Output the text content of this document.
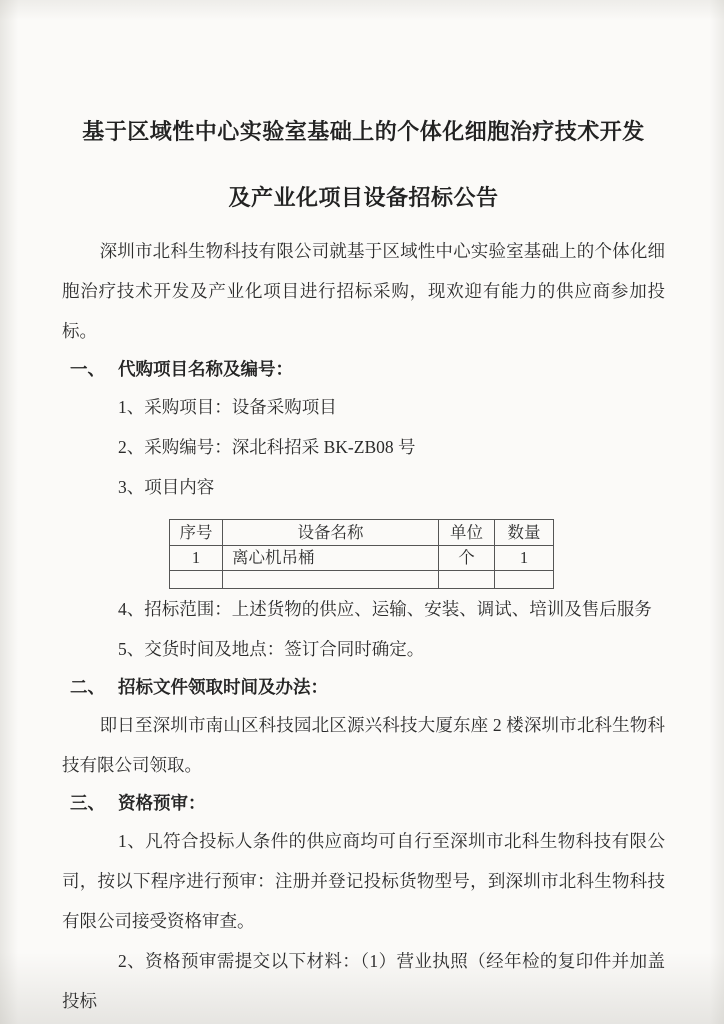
基于区域性中心实验室基础上的个体化细胞治疗技术开发
及产业化项目设备招标公告

深圳市北科生物科技有限公司就基于区域性中心实验室基础上的个体化细胞治疗技术开发及产业化项目进行招标采购，现欢迎有能力的供应商参加投标。

一、 代购项目名称及编号：

1、采购项目：设备采购项目

2、采购编号：深北科招采 BK-ZB08 号

3、项目内容

序号	设备名称	单位	数量
1	离心机吊桶	个	1

4、招标范围：上述货物的供应、运输、安装、调试、培训及售后服务

5、交货时间及地点：签订合同时确定。

二、 招标文件领取时间及办法：

即日至深圳市南山区科技园北区源兴科技大厦东座 2 楼深圳市北科生物科技有限公司领取。

三、 资格预审：

1、凡符合投标人条件的供应商均可自行至深圳市北科生物科技有限公司，按以下程序进行预审：注册并登记投标货物型号，到深圳市北科生物科技有限公司接受资格审查。

2、资格预审需提交以下材料：（1）营业执照（经年检的复印件并加盖投标
